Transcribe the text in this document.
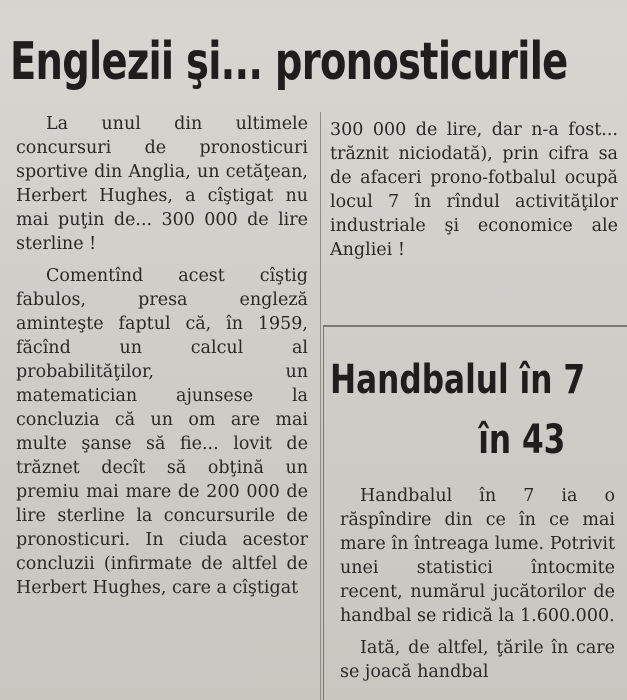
Englezii şi... pronosticurile

La unul din ultimele concursuri de pronosticuri sportive din Anglia, un cetăţean, Herbert Hughes, a cîştigat nu mai puţin de... 300 000 de lire sterline !

Comentînd acest cîştig fabulos, presa engleză aminteşte faptul că, în 1959, făcînd un calcul al probabilităţilor, un matematician ajunsese la concluzia că un om are mai multe şanse să fie... lovit de trăznet decît să obţină un premiu mai mare de 200 000 de lire sterline la concursurile de pronosticuri. In ciuda acestor concluzii (infirmate de altfel de Herbert Hughes, care a cîştigat

300 000 de lire, dar n-a fost... trăznit niciodată), prin cifra sa de afaceri prono-fotbalul ocupă locul 7 în rîndul activităţilor industriale şi economice ale Angliei !

Handbalul în 7
în 43

Handbalul în 7 ia o răspîndire din ce în ce mai mare în întreaga lume. Potrivit unei statistici întocmite recent, numărul jucătorilor de handbal se ridică la 1.600.000.

Iată, de altfel, ţările în care se joacă handbal
